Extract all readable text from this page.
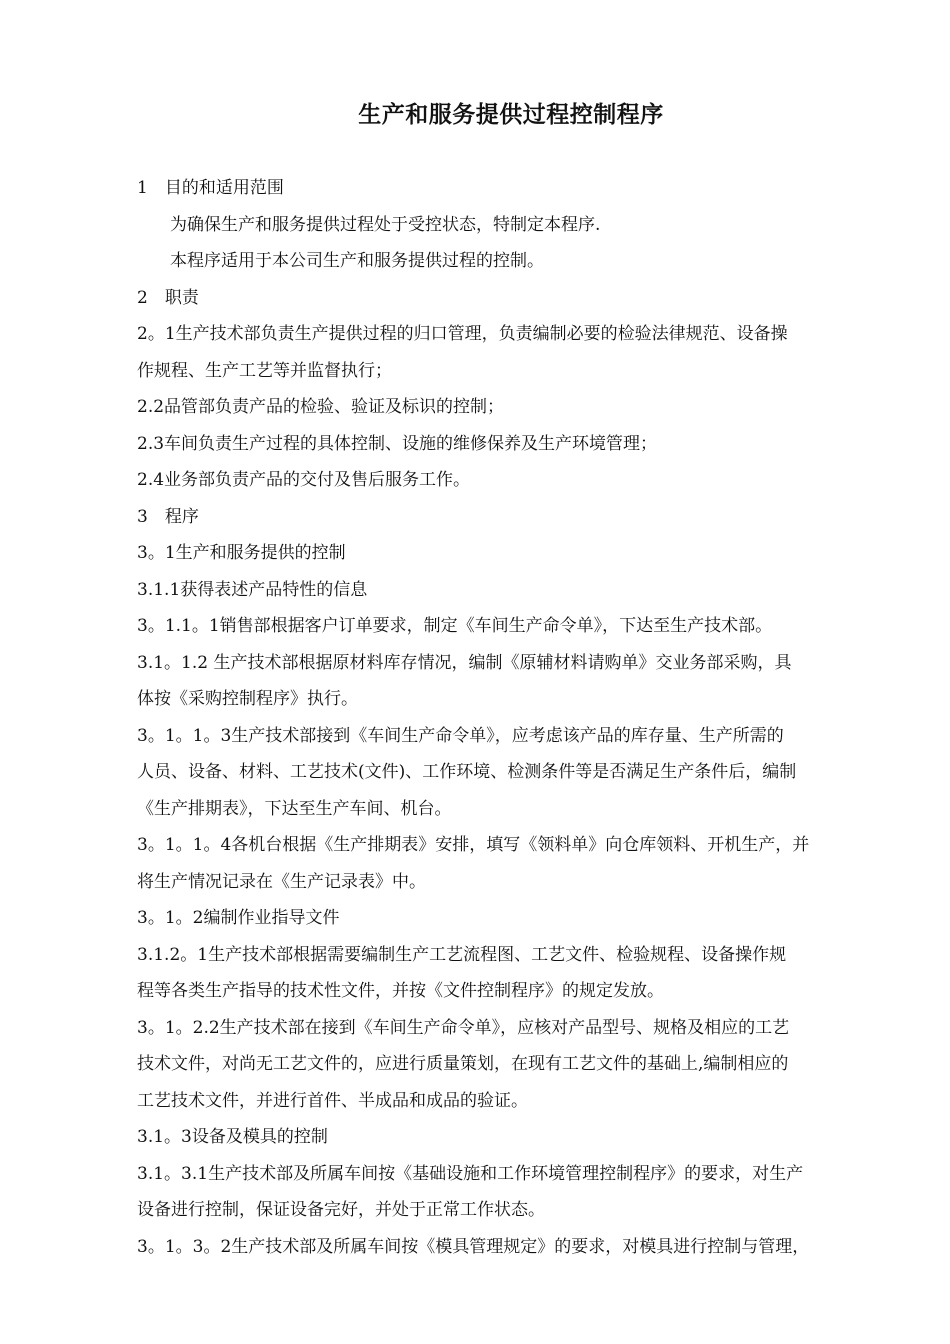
生产和服务提供过程控制程序
1　目的和适用范围
为确保生产和服务提供过程处于受控状态，特制定本程序.
本程序适用于本公司生产和服务提供过程的控制。
2　职责
2。1生产技术部负责生产提供过程的归口管理，负责编制必要的检验法律规范、设备操
作规程、生产工艺等并监督执行；
2.2品管部负责产品的检验、验证及标识的控制；
2.3车间负责生产过程的具体控制、设施的维修保养及生产环境管理；
2.4业务部负责产品的交付及售后服务工作。
3　程序
3。1生产和服务提供的控制
3.1.1获得表述产品特性的信息
3。1.1。1销售部根据客户订单要求，制定《车间生产命令单》，下达至生产技术部。
3.1。1.2 生产技术部根据原材料库存情况，编制《原辅材料请购单》交业务部采购，具
体按《采购控制程序》执行。
3。1。1。3生产技术部接到《车间生产命令单》，应考虑该产品的库存量、生产所需的
人员、设备、材料、工艺技术(文件)、工作环境、检测条件等是否满足生产条件后，编制
《生产排期表》，下达至生产车间、机台。
3。1。1。4各机台根据《生产排期表》安排，填写《领料单》向仓库领料、开机生产，并
将生产情况记录在《生产记录表》中。
3。1。2编制作业指导文件
3.1.2。1生产技术部根据需要编制生产工艺流程图、工艺文件、检验规程、设备操作规
程等各类生产指导的技术性文件，并按《文件控制程序》的规定发放。
3。1。2.2生产技术部在接到《车间生产命令单》，应核对产品型号、规格及相应的工艺
技术文件，对尚无工艺文件的，应进行质量策划，在现有工艺文件的基础上,编制相应的
工艺技术文件，并进行首件、半成品和成品的验证。
3.1。3设备及模具的控制
3.1。3.1生产技术部及所属车间按《基础设施和工作环境管理控制程序》的要求，对生产
设备进行控制，保证设备完好，并处于正常工作状态。
3。1。3。2生产技术部及所属车间按《模具管理规定》的要求，对模具进行控制与管理，
